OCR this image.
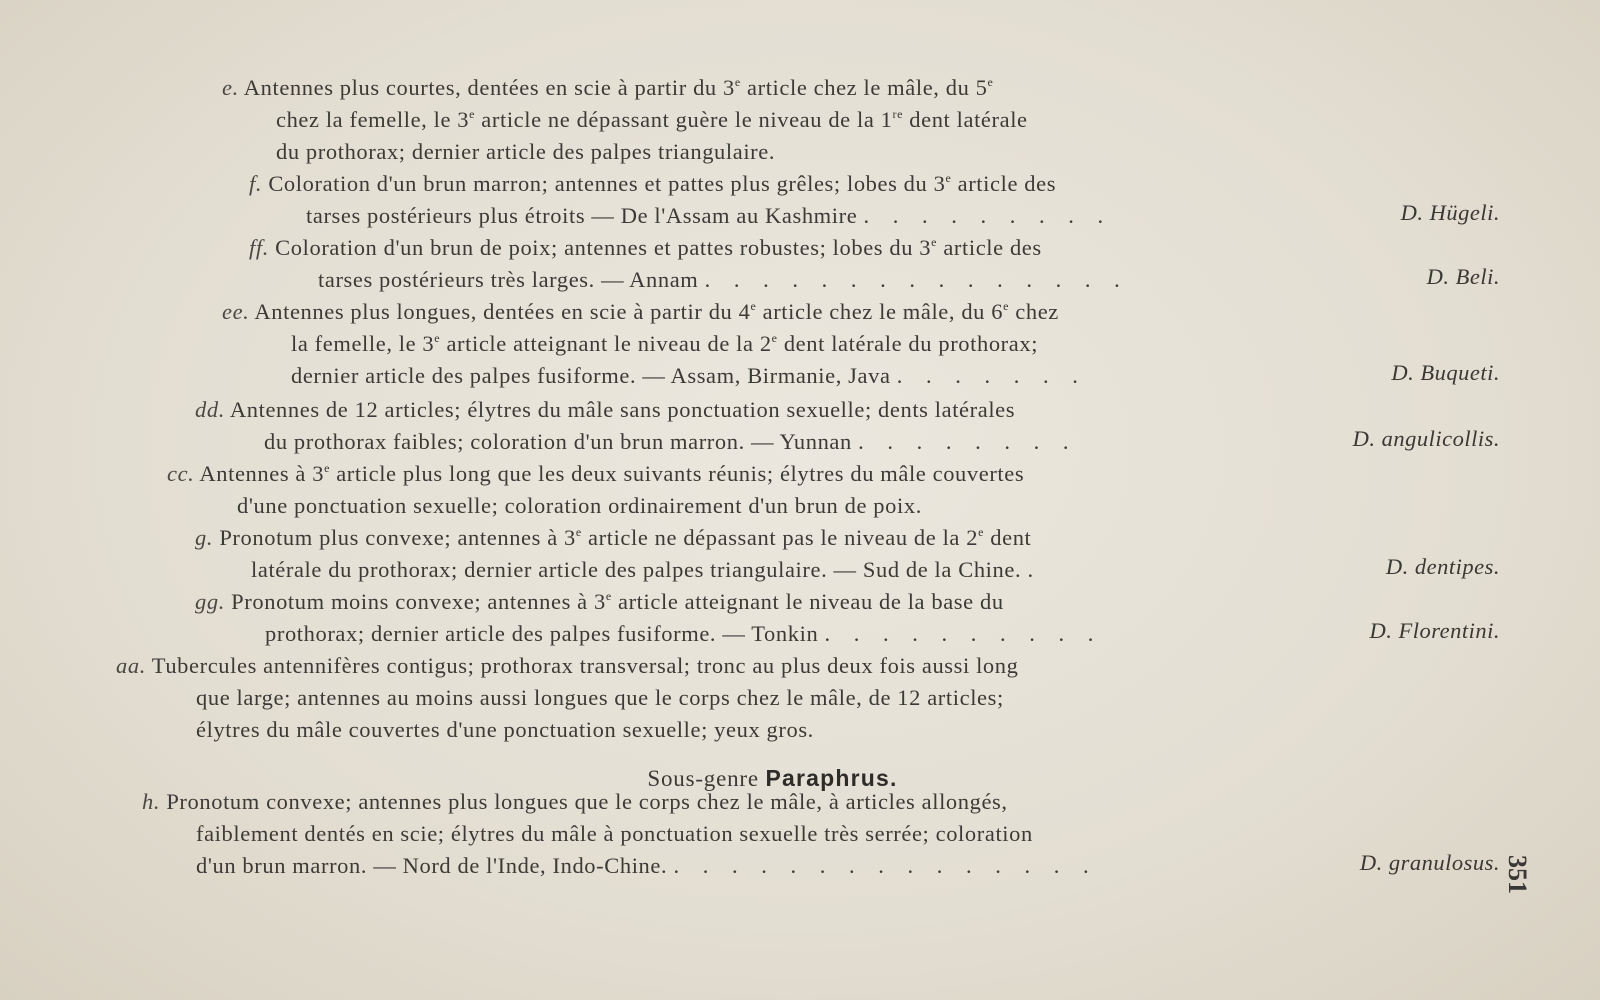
e. Antennes plus courtes, dentées en scie à partir du 3e article chez le mâle, du 5e
chez la femelle, le 3e article ne dépassant guère le niveau de la 1re dent latérale
du prothorax; dernier article des palpes triangulaire.
f. Coloration d'un brun marron; antennes et pattes plus grêles; lobes du 3e article des
tarses postérieurs plus étroits — De l'Assam au Kashmire . . . . . . . . .	D. Hügeli.
ff. Coloration d'un brun de poix; antennes et pattes robustes; lobes du 3e article des
tarses postérieurs très larges. — Annam . . . . . . . . . . . . . . .	D. Beli.
ee. Antennes plus longues, dentées en scie à partir du 4e article chez le mâle, du 6e chez
la femelle, le 3e article atteignant le niveau de la 2e dent latérale du prothorax;
dernier article des palpes fusiforme. — Assam, Birmanie, Java . . . . . . .	D. Buqueti.
dd. Antennes de 12 articles; élytres du mâle sans ponctuation sexuelle; dents latérales
du prothorax faibles; coloration d'un brun marron. — Yunnan . . . . . . . .	D. angulicollis.
cc. Antennes à 3e article plus long que les deux suivants réunis; élytres du mâle couvertes
d'une ponctuation sexuelle; coloration ordinairement d'un brun de poix.
g. Pronotum plus convexe; antennes à 3e article ne dépassant pas le niveau de la 2e dent
latérale du prothorax; dernier article des palpes triangulaire. — Sud de la Chine. .	D. dentipes.
gg. Pronotum moins convexe; antennes à 3e article atteignant le niveau de la base du
prothorax; dernier article des palpes fusiforme. — Tonkin . . . . . . . . . .	D. Florentini.
aa. Tubercules antennifères contigus; prothorax transversal; tronc au plus deux fois aussi long
que large; antennes au moins aussi longues que le corps chez le mâle, de 12 articles;
élytres du mâle couvertes d'une ponctuation sexuelle; yeux gros.
Sous-genre Paraphrus.
h. Pronotum convexe; antennes plus longues que le corps chez le mâle, à articles allongés,
faiblement dentés en scie; élytres du mâle à ponctuation sexuelle très serrée; coloration
d'un brun marron. — Nord de l'Inde, Indo-Chine. . . . . . . . . . . . . . . .	D. granulosus. 351
